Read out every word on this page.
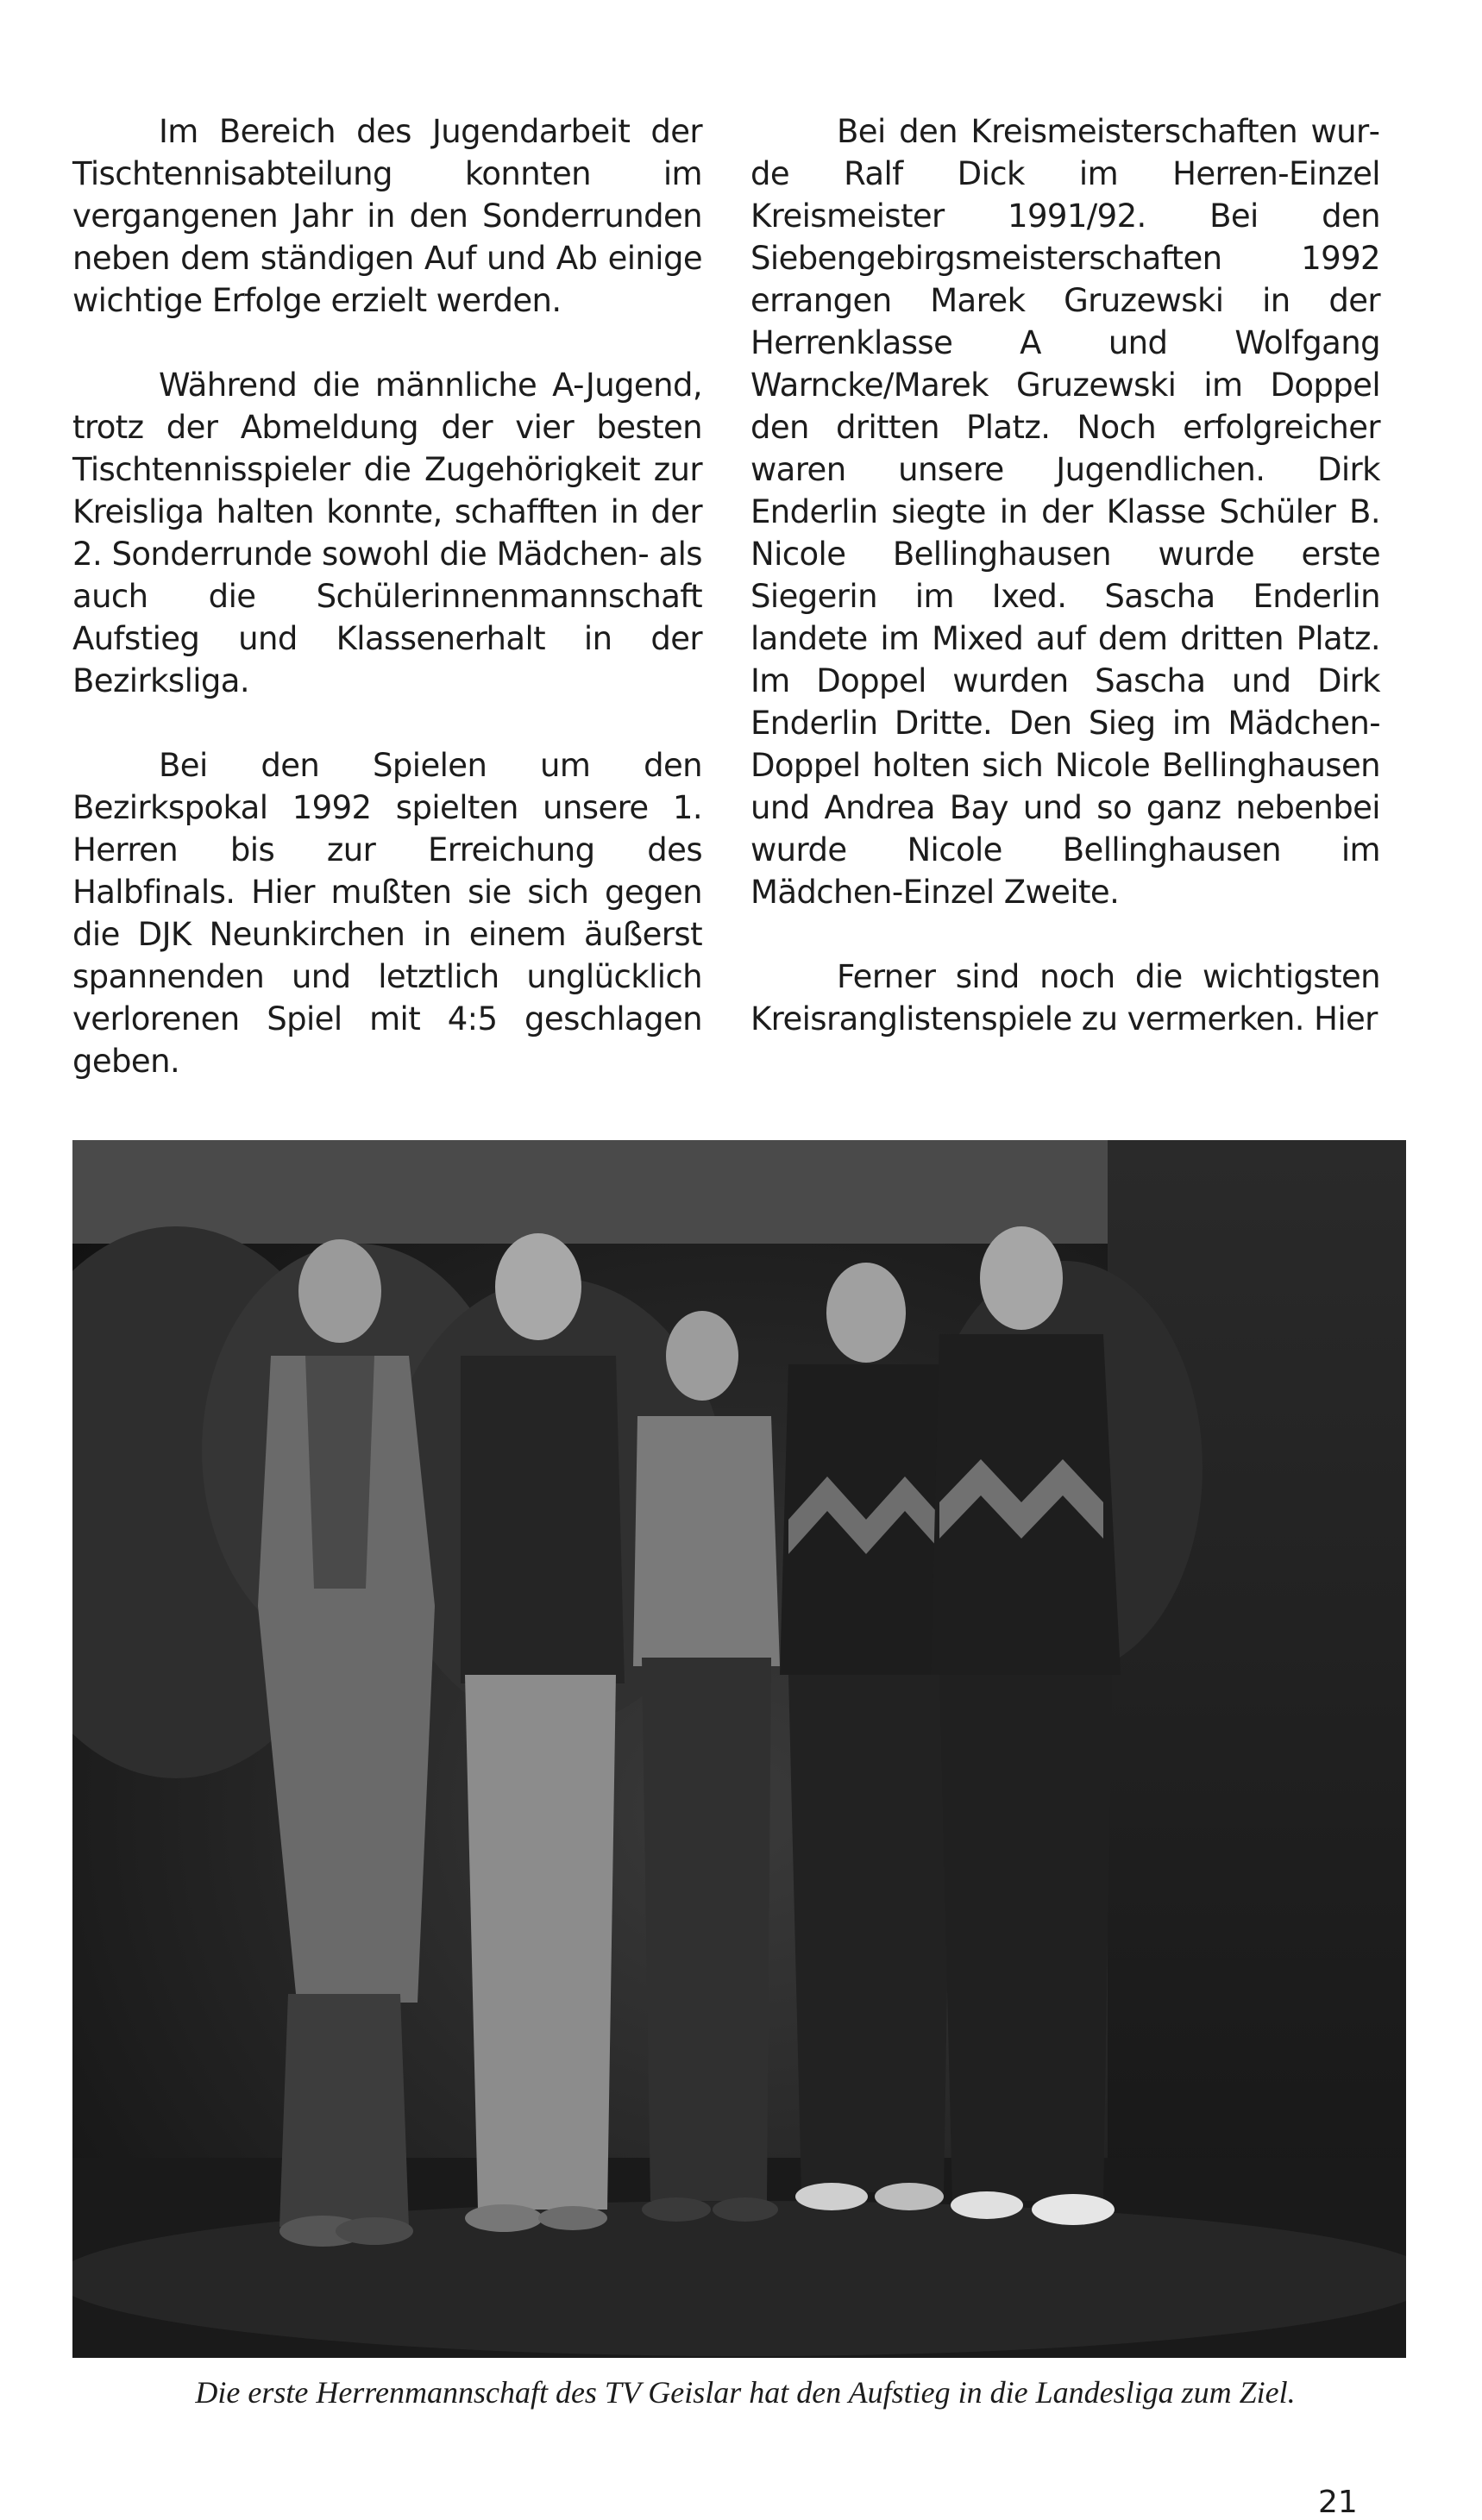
Im Bereich des Jugendarbeit der Tischtennisabteilung konnten im vergangenen Jahr in den Sonderrunden neben dem ständigen Auf und Ab einige wichtige Erfolge erzielt werden.

Während die männliche A-Jugend, trotz der Abmeldung der vier besten Tischtennisspieler die Zugehörigkeit zur Kreisliga halten konnte, schafften in der 2. Sonderrunde sowohl die Mädchen- als auch die Schülerinnenmannschaft Aufstieg und Klassenerhalt in der Bezirksliga.

Bei den Spielen um den Bezirkspokal 1992 spielten unsere 1. Herren bis zur Erreichung des Halbfinals. Hier mußten sie sich gegen die DJK Neunkirchen in einem äußerst spannenden und letztlich unglücklich verlorenen Spiel mit 4:5 geschlagen geben.

Bei den Kreismeisterschaften wurde Ralf Dick im Herren-Einzel Kreismeister 1991/92. Bei den Siebengebirgsmeisterschaften 1992 errangen Marek Gruzewski in der Herrenklasse A und Wolfgang Warncke/Marek Gruzewski im Doppel den dritten Platz. Noch erfolgreicher waren unsere Jugendlichen. Dirk Enderlin siegte in der Klasse Schüler B. Nicole Bellinghausen wurde erste Siegerin im Ixed. Sascha Enderlin landete im Mixed auf dem dritten Platz. Im Doppel wurden Sascha und Dirk Enderlin Dritte. Den Sieg im Mädchen-Doppel holten sich Nicole Bellinghausen und Andrea Bay und so ganz nebenbei wurde Nicole Bellinghausen im Mädchen-Einzel Zweite.

Ferner sind noch die wichtigsten Kreisranglistenspiele zu vermerken. Hier

Die erste Herrenmannschaft des TV Geislar hat den Aufstieg in die Landesliga zum Ziel.
21
